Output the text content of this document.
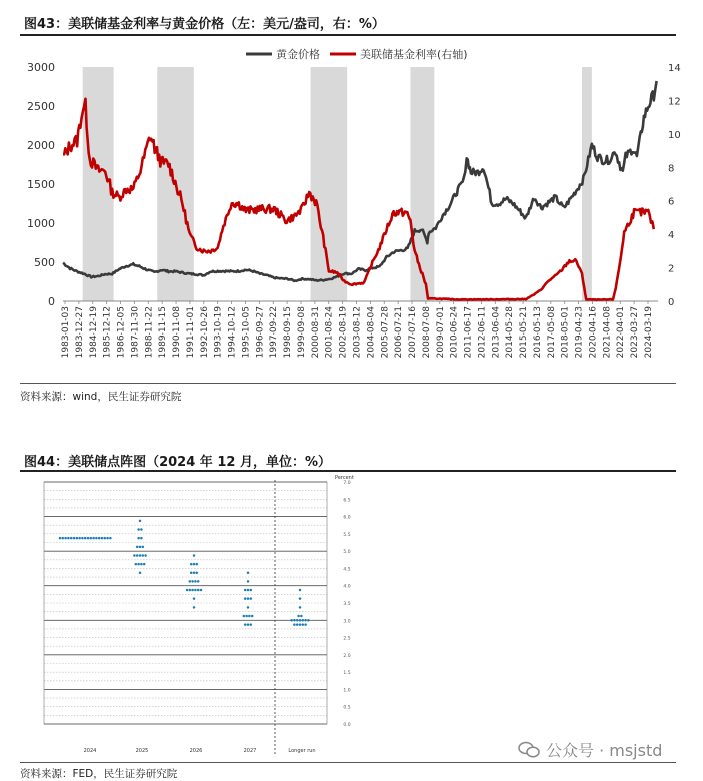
图43：美联储基金利率与黄金价格（左：美元/盎司，右：%）
0
500
1000
1500
2000
2500
3000
0
2
4
6
8
10
12
14
1983-01-03 1983-12-27 1984-12-19 1985-12-12 1986-12-05 1987-11-30 1988-11-22 1989-11-15 1990-11-08 1991-11-01 1992-10-26 1993-10-19 1994-10-12 1995-10-05 1996-09-27 1997-09-22 1998-09-15 1999-09-08 2000-08-31 2001-08-24 2002-08-19 2003-08-12 2004-08-04 2005-07-28 2006-07-21 2007-07-16 2008-07-08 2009-07-01 2010-06-24 2011-06-17 2012-06-11 2013-06-04 2014-05-28 2015-05-21 2016-05-13 2017-05-08 2018-05-01 2019-04-23 2020-04-16 2021-04-08 2022-04-01 2023-03-27 2024-03-19
黄金价格	美联储基金利率(右轴)
资料来源：wind，民生证券研究院
图44：美联储点阵图（2024 年 12 月，单位：%）
0.0
0.5
1.0
1.5
2.0
2.5
3.0
3.5
4.0
4.5
5.0
5.5
6.0
6.5
7.0
Percent
2024	2025	2026	2027	Longer run
资料来源：FED，民生证券研究院
公众号 · msjstd
